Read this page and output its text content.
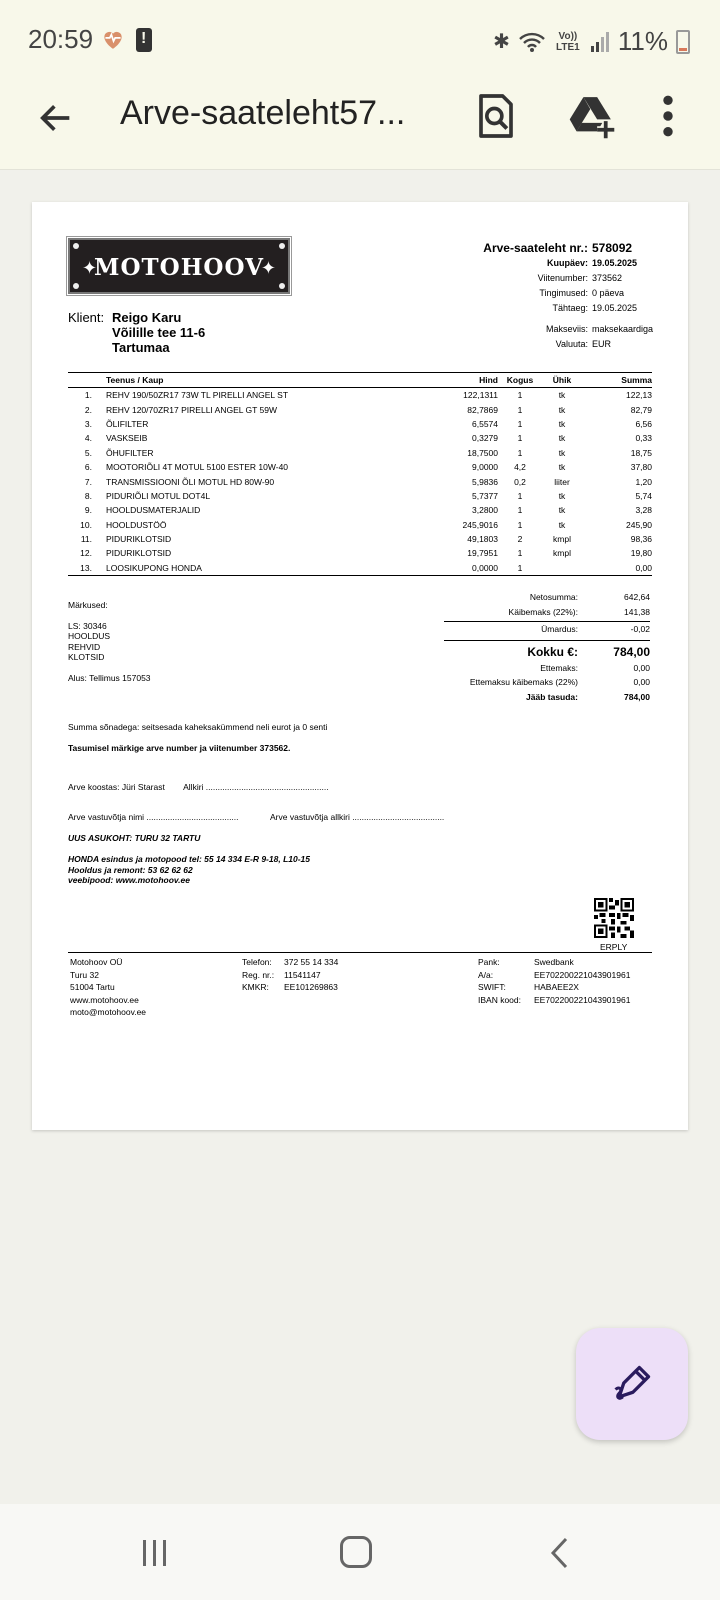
20:59
!	✱	Vo)) LTE1 11%
Arve-saateleht57...
✦	✦
MOTOHOOV
Arve-saateleht nr.: 578092
Kuupäev: 19.05.2025
Viitenumber: 373562
Tingimused: 0 päeva
Tähtaeg: 19.05.2025
Makseviis: maksekaardiga
Valuuta: EUR
Klient: Reigo Karu
Võilille tee 11-6
Tartumaa
Teenus / Kaup	Hind	Kogus	Ühik	Summa
1.	REHV 190/50ZR17 73W TL PIRELLI ANGEL ST	122,1311	1	tk	122,13
2.	REHV 120/70ZR17 PIRELLI ANGEL GT 59W	82,7869	1	tk	82,79
3.	ÕLIFILTER	6,5574	1	tk	6,56
4.	VASKSEIB	0,3279	1	tk	0,33
5.	ÕHUFILTER	18,7500	1	tk	18,75
6.	MOOTORIÕLI 4T MOTUL 5100 ESTER 10W-40	9,0000	4,2	tk	37,80
7.	TRANSMISSIOONI ÕLI MOTUL HD 80W-90	5,9836	0,2	liiter	1,20
8.	PIDURIÕLI MOTUL DOT4L	5,7377	1	tk	5,74
9.	HOOLDUSMATERJALID	3,2800	1	tk	3,28
10.	HOOLDUSTÖÖ	245,9016	1	tk	245,90
11.	PIDURIKLOTSID	49,1803	2	kmpl	98,36
12.	PIDURIKLOTSID	19,7951	1	kmpl	19,80
13.	LOOSIKUPONG HONDA	0,0000	1	0,00
Märkused:
LS: 30346
HOOLDUS
REHVID
KLOTSID
Alus: Tellimus 157053
Netosumma:	642,64
Käibemaks (22%):	141,38
Ümardus:	-0,02
Kokku €:	784,00
Ettemaks:	0,00
Ettemaksu käibemaks (22%)	0,00
Jääb tasuda:	784,00
Summa sõnadega: seitsesada kaheksakümmend neli eurot ja 0 senti
Tasumisel märkige arve number ja viitenumber 373562.
Arve koostas: Jüri Starast Allkiri ....................................................
Arve vastuvõtja nimi .......................................	Arve vastuvõtja allkiri .......................................
UUS ASUKOHT: TURU 32 TARTU
HONDA esindus ja motopood tel: 55 14 334 E-R 9-18, L10-15
Hooldus ja remont: 53 62 62 62
veebipood: www.motohoov.ee
ERPLY
Motohoov OÜ
Turu 32
51004 Tartu
www.motohoov.ee
moto@motohoov.ee
Telefon:
Reg. nr.:
KMKR:
372 55 14 334
11541147
EE101269863
Pank:
A/a:
SWIFT:
IBAN kood:
Swedbank
EE702200221043901961
HABAEE2X
EE702200221043901961
